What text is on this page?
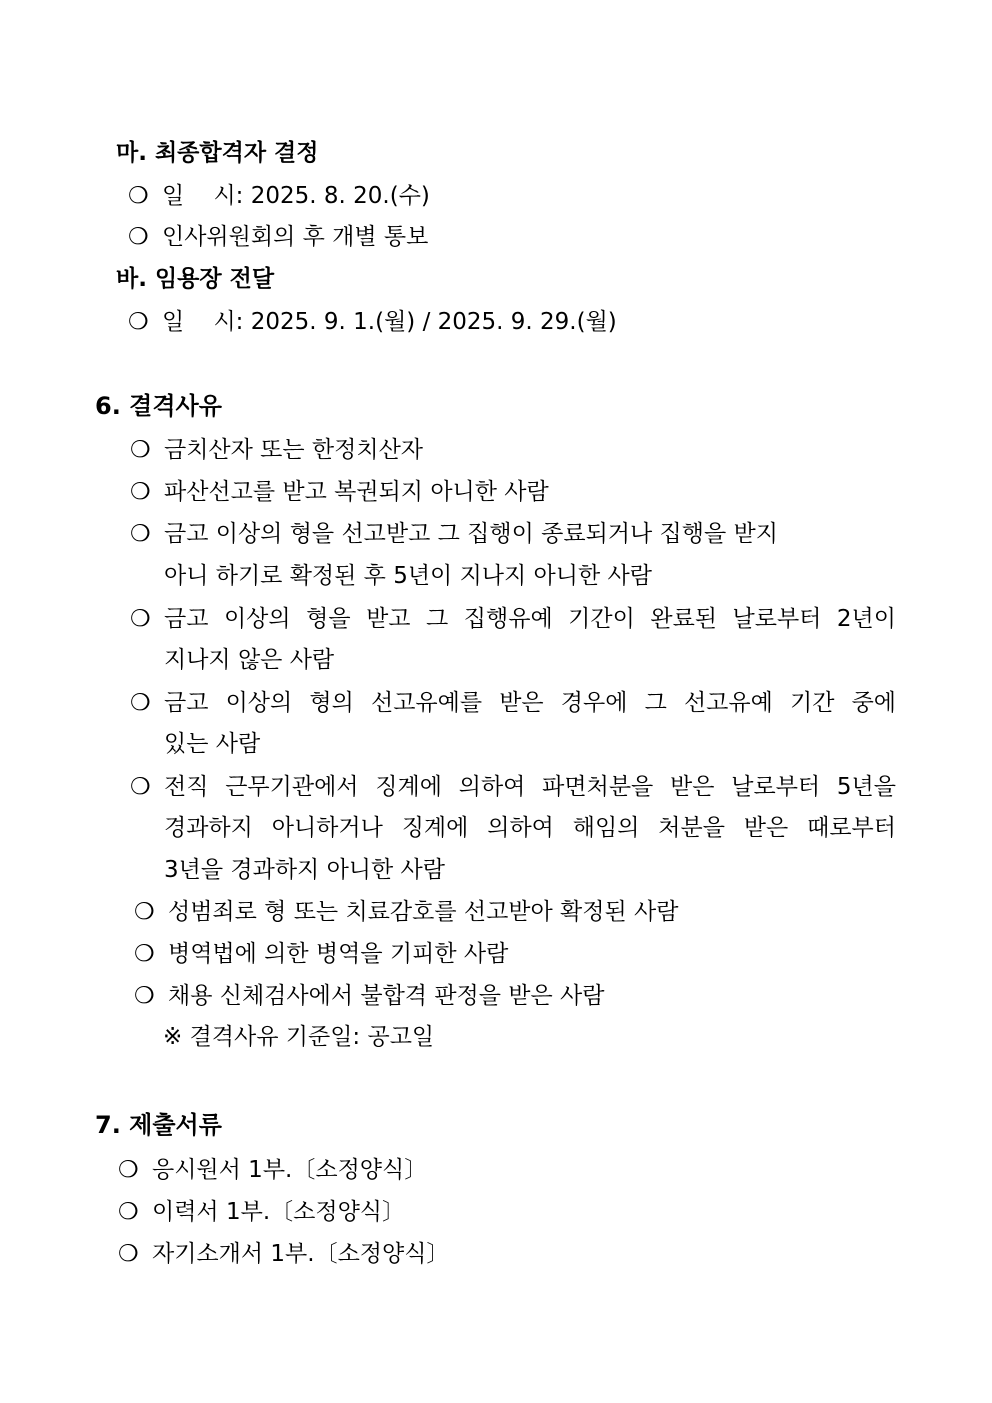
마. 최종합격자 결정
❍ 일    시: 2025. 8. 20.(수)
❍ 인사위원회의 후 개별 통보
바. 임용장 전달
❍ 일    시: 2025. 9. 1.(월) / 2025. 9. 29.(월)
6. 결격사유
❍ 금치산자 또는 한정치산자
❍ 파산선고를 받고 복권되지 아니한 사람
❍ 금고 이상의 형을 선고받고 그 집행이 종료되거나 집행을 받지
아니 하기로 확정된 후 5년이 지나지 아니한 사람
❍ 금고 이상의 형을 받고 그 집행유예 기간이 완료된 날로부터 2년이
지나지 않은 사람
❍ 금고 이상의 형의 선고유예를 받은 경우에 그 선고유예 기간 중에
있는 사람
❍ 전직 근무기관에서 징계에 의하여 파면처분을 받은 날로부터 5년을
경과하지 아니하거나 징계에 의하여 해임의 처분을 받은 때로부터
3년을 경과하지 아니한 사람
❍ 성범죄로 형 또는 치료감호를 선고받아 확정된 사람
❍ 병역법에 의한 병역을 기피한 사람
❍ 채용 신체검사에서 불합격 판정을 받은 사람
※ 결격사유 기준일: 공고일
7. 제출서류
❍ 응시원서 1부.〔소정양식〕
❍ 이력서 1부.〔소정양식〕
❍ 자기소개서 1부.〔소정양식〕
